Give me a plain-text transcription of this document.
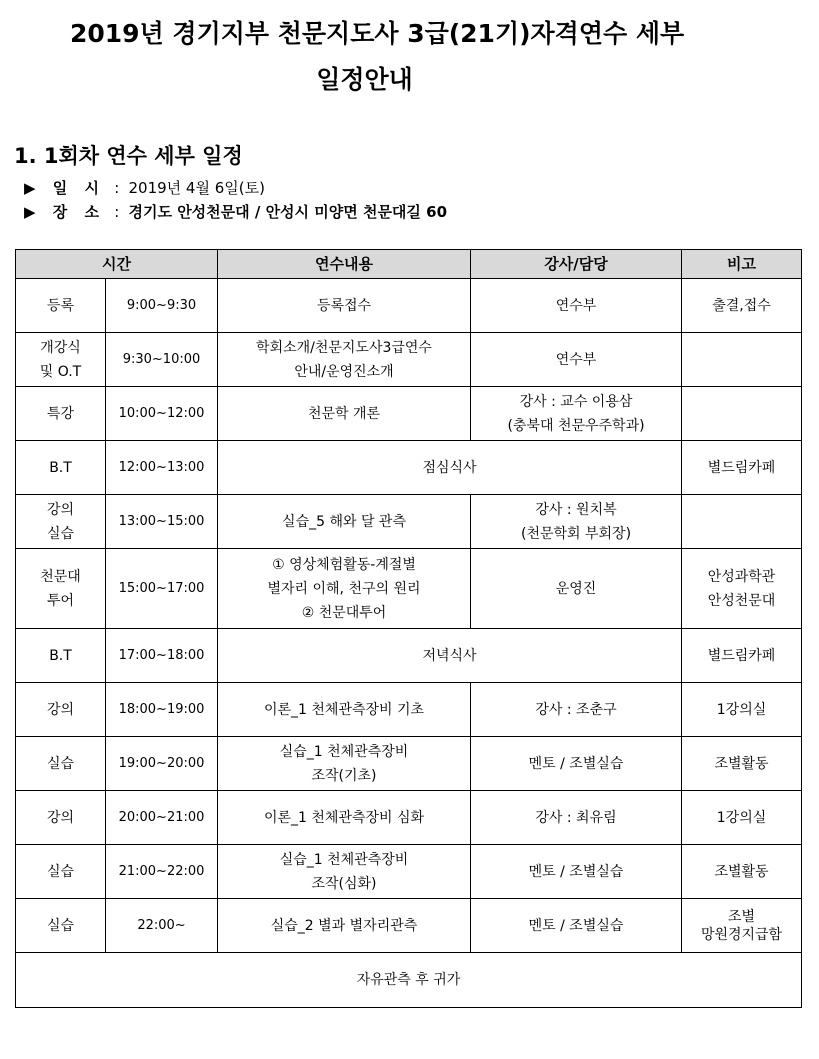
2019년 경기지부 천문지도사 3급(21기)자격연수 세부
일정안내
1. 1회차 연수 세부 일정
▶ 일 시 : 2019년 4월 6일(토)
▶ 장 소 : 경기도 안성천문대 / 안성시 미양면 천문대길 60
시간		연수내용	강사/담당	비고
등록	9:00~9:30	등록접수	연수부	출결,접수

개강식
및 O.T	9:30~10:00	학회소개/천문지도사3급연수
안내/운영진소개	연수부	
특강	10:00~12:00	천문학 개론	강사 : 교수 이용삼
(충북대 천문우주학과)	

B.T	12:00~13:00	점심식사		별드림카페

강의
실습	13:00~15:00	실습_5 해와 달 관측	강사 : 원치복
(천문학회 부회장)	

천문대
투어	15:00~17:00	① 영상체험활동-계절별
별자리 이해, 천구의 원리
② 천문대투어	운영진	안성과학관
안성천문대

B.T	17:00~18:00	저녁식사		별드림카페
강의	18:00~19:00	이론_1 천체관측장비 기초	강사 : 조춘구	1강의실
실습	19:00~20:00	실습_1 천체관측장비
조작(기초)	멘토 / 조별실습	조별활동
강의	20:00~21:00	이론_1 천체관측장비 심화	강사 : 최유림	1강의실
실습	21:00~22:00	실습_1 천체관측장비
조작(심화)	멘토 / 조별실습	조별활동
실습	22:00~	실습_2 별과 별자리관측	멘토 / 조별실습	조별
망원경지급함

자유관측 후 귀가				
